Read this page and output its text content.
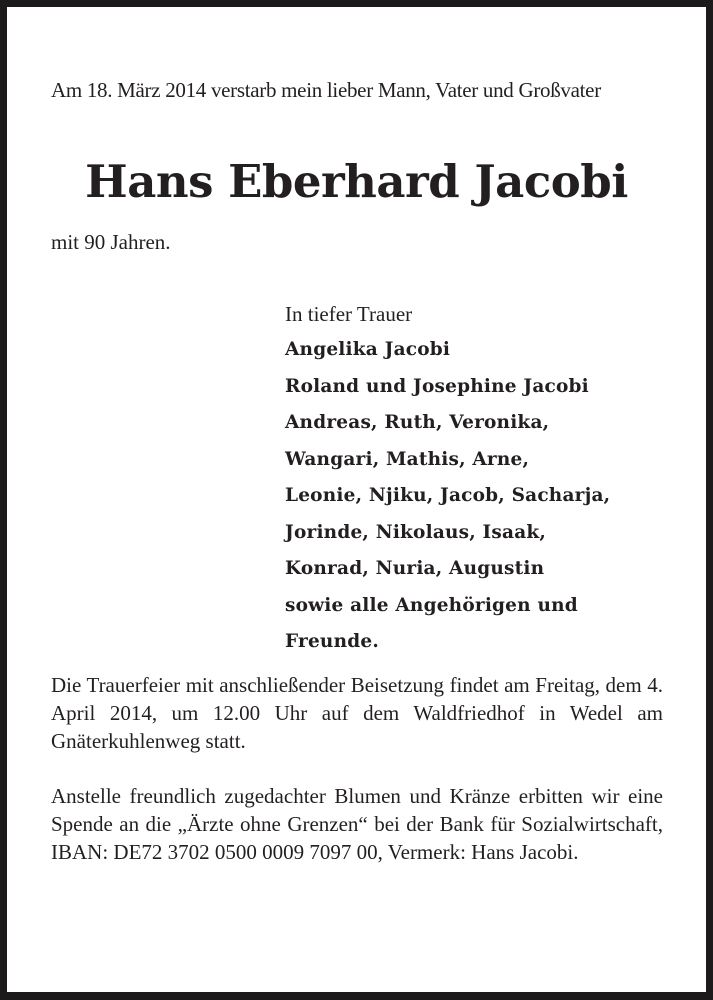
Am 18. März 2014 verstarb mein lieber Mann, Vater und Großvater
Hans Eberhard Jacobi
mit 90 Jahren.
In tiefer Trauer
Angelika Jacobi
Roland und Josephine Jacobi
Andreas, Ruth, Veronika,
Wangari, Mathis, Arne,
Leonie, Njiku, Jacob, Sacharja,
Jorinde, Nikolaus, Isaak,
Konrad, Nuria, Augustin
sowie alle Angehörigen und
Freunde.
Die Trauerfeier mit anschließender Beisetzung findet am Freitag, dem 4. April 2014, um 12.00 Uhr auf dem Waldfriedhof in Wedel am Gnäterkuhlenweg statt.
Anstelle freundlich zugedachter Blumen und Kränze erbitten wir eine Spende an die „Ärzte ohne Grenzen“ bei der Bank für Sozialwirtschaft, IBAN: DE72 3702 0500 0009 7097 00, Vermerk: Hans Jacobi.
